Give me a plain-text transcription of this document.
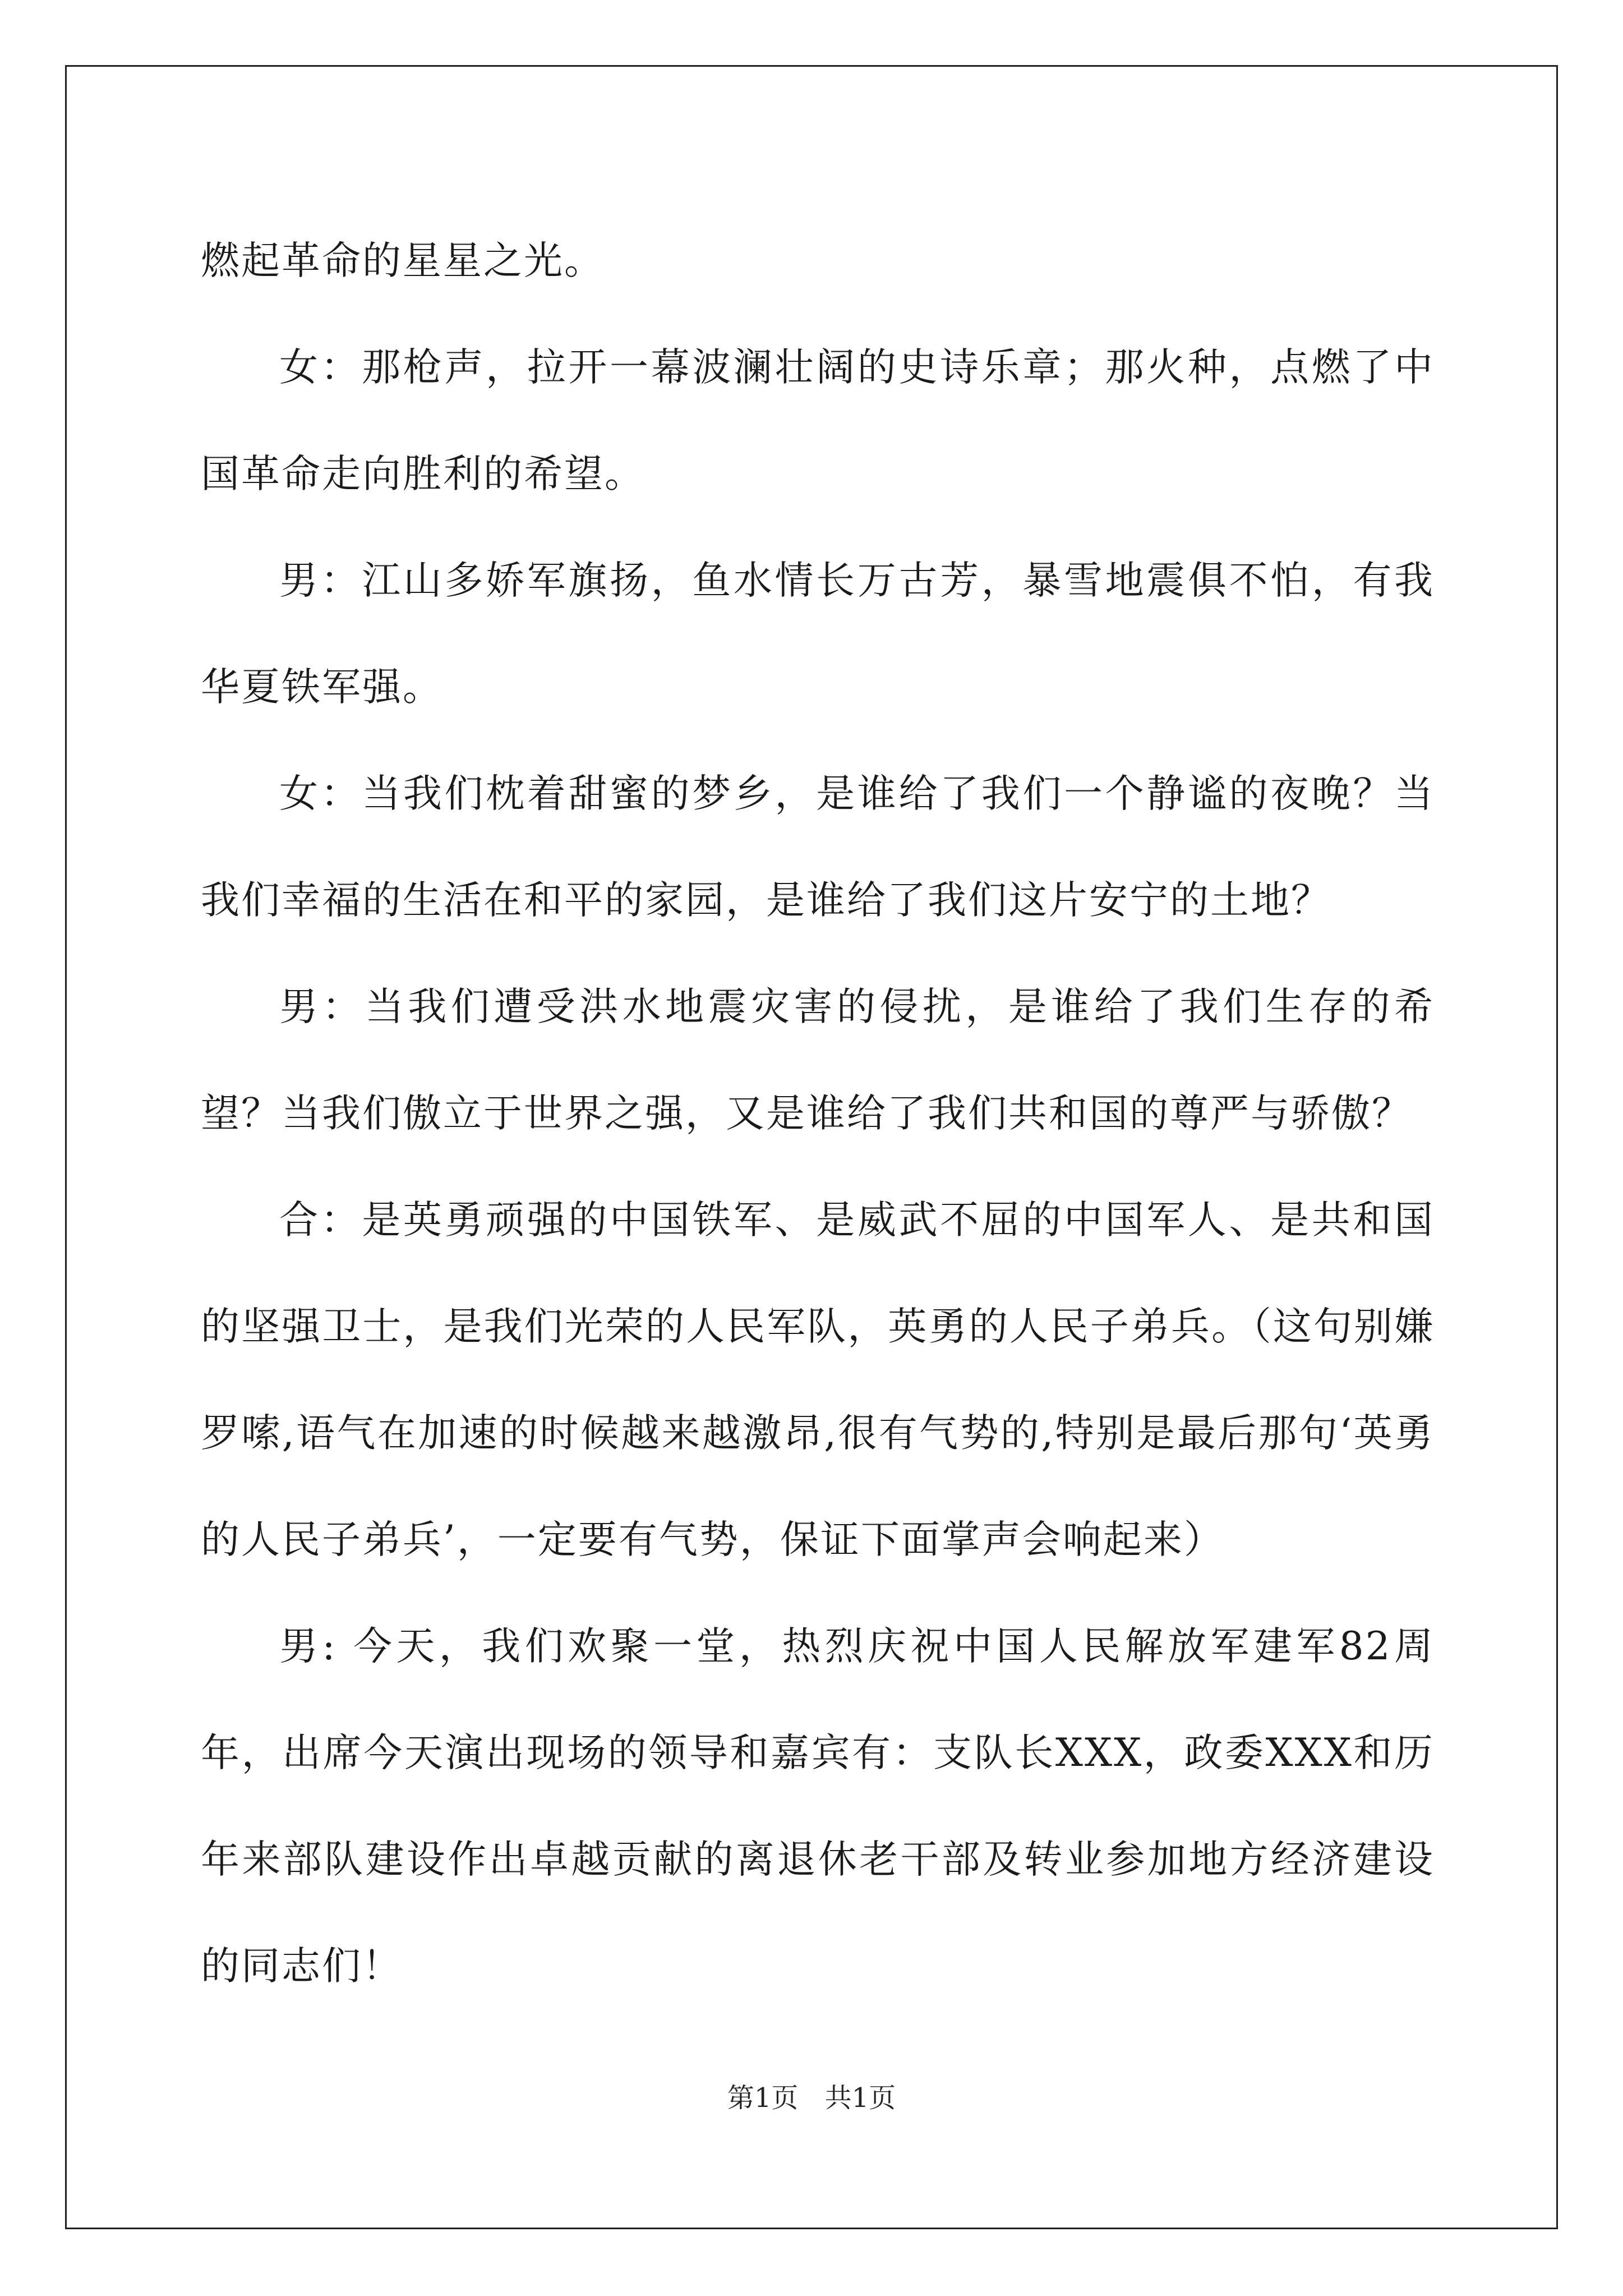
燃起革命的星星之光。

女：那枪声，拉开一幕波澜壮阔的史诗乐章；那火种，点燃了中国革命走向胜利的希望。

男：江山多娇军旗扬，鱼水情长万古芳，暴雪地震俱不怕，有我华夏铁军强。

女：当我们枕着甜蜜的梦乡，是谁给了我们一个静谧的夜晚？当我们幸福的生活在和平的家园，是谁给了我们这片安宁的土地？

男：当我们遭受洪水地震灾害的侵扰，是谁给了我们生存的希望？当我们傲立于世界之强，又是谁给了我们共和国的尊严与骄傲？

合：是英勇顽强的中国铁军、是威武不屈的中国军人、是共和国的坚强卫士，是我们光荣的人民军队，英勇的人民子弟兵。（这句别嫌罗嗦,语气在加速的时候越来越激昂,很有气势的,特别是最后那句‘英勇的人民子弟兵’，一定要有气势，保证下面掌声会响起来）

男: 今天，我们欢聚一堂，热烈庆祝中国人民解放军建军82周年，出席今天演出现场的领导和嘉宾有：支队长XXX，政委XXX和历年来部队建设作出卓越贡献的离退休老干部及转业参加地方经济建设的同志们！

第1页 共1页
